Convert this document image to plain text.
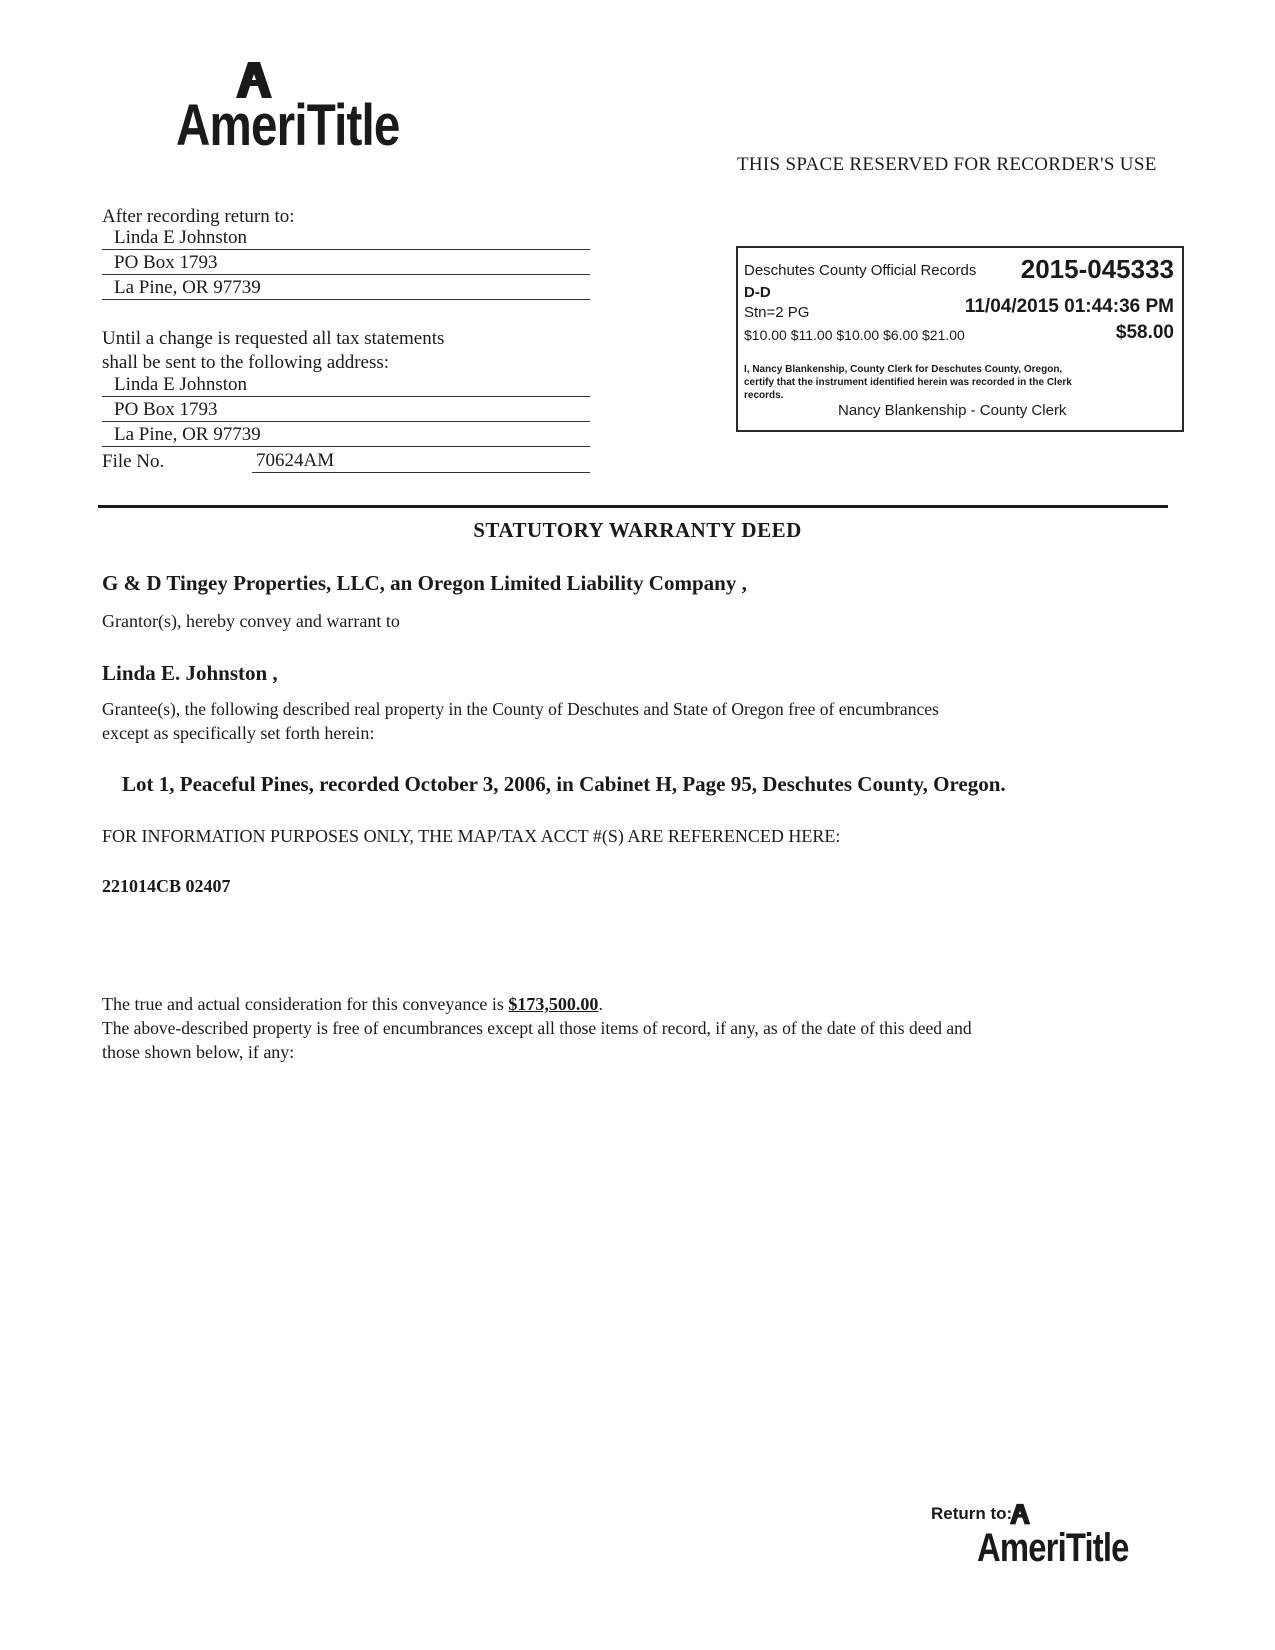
AmeriTitle
THIS SPACE RESERVED FOR RECORDER'S USE
After recording return to:
Linda E Johnston
PO Box 1793
La Pine, OR 97739
Until a change is requested all tax statements
shall be sent to the following address:
Linda E Johnston
PO Box 1793
La Pine, OR 97739
File No.	70624AM
Deschutes County Official Records 2015-045333
D-D
Stn=2 PG	11/04/2015 01:44:36 PM
$10.00 $11.00 $10.00 $6.00 $21.00	$58.00
I, Nancy Blankenship, County Clerk for Deschutes County, Oregon,
certify that the instrument identified herein was recorded in the Clerk
records.
Nancy Blankenship - County Clerk
STATUTORY WARRANTY DEED
G & D Tingey Properties, LLC, an Oregon Limited Liability Company ,
Grantor(s), hereby convey and warrant to
Linda E. Johnston ,
Grantee(s), the following described real property in the County of Deschutes and State of Oregon free of encumbrances
except as specifically set forth herein:
Lot 1, Peaceful Pines, recorded October 3, 2006, in Cabinet H, Page 95, Deschutes County, Oregon.
FOR INFORMATION PURPOSES ONLY, THE MAP/TAX ACCT #(S) ARE REFERENCED HERE:
221014CB 02407
The true and actual consideration for this conveyance is $173,500.00.
The above-described property is free of encumbrances except all those items of record, if any, as of the date of this deed and
those shown below, if any:
Return to:
AmeriTitle
